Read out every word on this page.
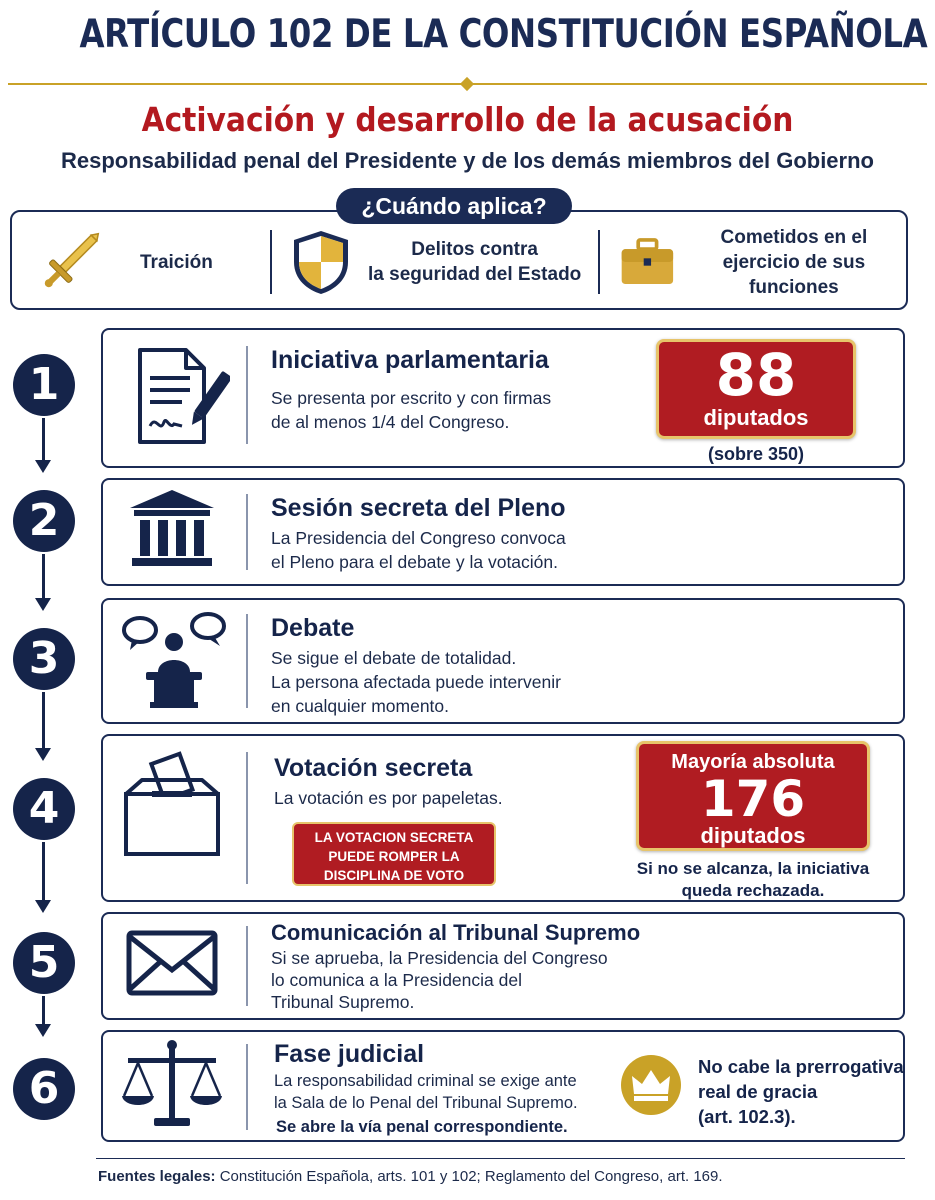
ARTÍCULO 102 DE LA CONSTITUCIÓN ESPAÑOLA
Activación y desarrollo de la acusación
Responsabilidad penal del Presidente y de los demás miembros del Gobierno
¿Cuándo aplica?
Traición
Delitos contra
la seguridad del Estado
Cometidos en el
ejercicio de sus funciones
1
2
3
4
5
6
Iniciativa parlamentaria
Se presenta por escrito y con firmas
de al menos 1/4 del Congreso.
88
diputados
(sobre 350)
Sesión secreta del Pleno
La Presidencia del Congreso convoca
el Pleno para el debate y la votación.
Debate
Se sigue el debate de totalidad.
La persona afectada puede intervenir
en cualquier momento.
Votación secreta
La votación es por papeletas.
LA VOTACION SECRETA
PUEDE ROMPER LA
DISCIPLINA DE VOTO
Mayoría absoluta
176
diputados
Si no se alcanza, la iniciativa
queda rechazada.
Comunicación al Tribunal Supremo
Si se aprueba, la Presidencia del Congreso
lo comunica a la Presidencia del
Tribunal Supremo.
Fase judicial
La responsabilidad criminal se exige ante
la Sala de lo Penal del Tribunal Supremo.
Se abre la vía penal correspondiente.
No cabe la prerrogativa
real de gracia
(art. 102.3).
Fuentes legales: Constitución Española, arts. 101 y 102; Reglamento del Congreso, art. 169.
